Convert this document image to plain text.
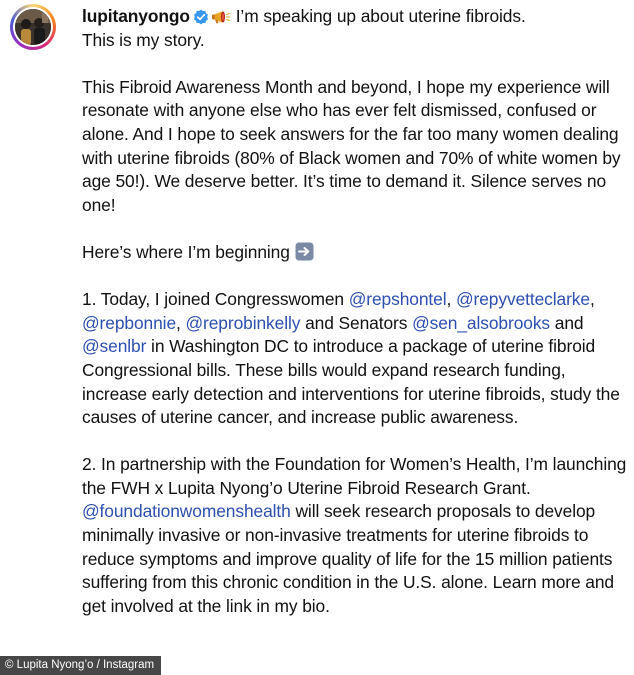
lupitanyongo	I’m speaking up about uterine fibroids.
This is my story.

This Fibroid Awareness Month and beyond, I hope my experience will resonate with anyone else who has ever felt dismissed, confused or alone. And I hope to seek answers for the far too many women dealing with uterine fibroids (80% of Black women and 70% of white women by age 50!). We deserve better. It’s time to demand it. Silence serves no one!

Here’s where I’m beginning

1. Today, I joined Congresswomen @repshontel, @repyvetteclarke, @repbonnie, @reprobinkelly and Senators @sen_alsobrooks and @senlbr in Washington DC to introduce a package of uterine fibroid Congressional bills. These bills would expand research funding, increase early detection and interventions for uterine fibroids, study the causes of uterine cancer, and increase public awareness.

2. In partnership with the Foundation for Women’s Health, I’m launching the FWH x Lupita Nyong’o Uterine Fibroid Research Grant. @foundationwomenshealth will seek research proposals to develop minimally invasive or non-invasive treatments for uterine fibroids to reduce symptoms and improve quality of life for the 15 million patients suffering from this chronic condition in the U.S. alone. Learn more and get involved at the link in my bio.

© Lupita Nyong’o / Instagram
